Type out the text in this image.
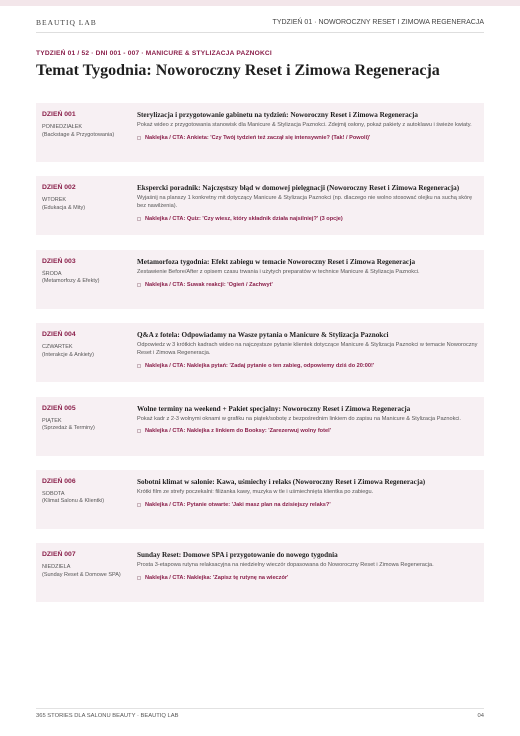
BEAUTIQ LAB	TYDZIEŃ 01 · NOWOROCZNY RESET I ZIMOWA REGENERACJA
TYDZIEŃ 01 / 52 · DNI 001 - 007 · MANICURE & STYLIZACJA PAZNOKCI
Temat Tygodnia: Noworoczny Reset i Zimowa Regeneracja
DZIEŃ 001
PONIEDZIAŁEK
(Backstage & Przygotowania)
Sterylizacja i przygotowanie gabinetu na tydzień: Noworoczny Reset i Zimowa Regeneracja
Pokaż wideo z przygotowania stanowisk dla Manicure & Stylizacja Paznokci. Zdejmij osłony, pokaż pakiety z autoklawu i świeże kwiaty.
Naklejka / CTA: Ankieta: 'Czy Twój tydzień też zaczął się intensywnie? (Tak! / Powoli)'
DZIEŃ 002
WTOREK
(Edukacja & Mity)
Ekspercki poradnik: Najczęstszy błąd w domowej pielęgnacji (Noworoczny Reset i Zimowa Regeneracja)
Wyjaśnij na planszy 1 konkretny mit dotyczący Manicure & Stylizacja Paznokci (np. dlaczego nie wolno stosować olejku na suchą skórę bez nawilżenia).
Naklejka / CTA: Quiz: 'Czy wiesz, który składnik działa najsilniej?' (3 opcje)
DZIEŃ 003
ŚRODA
(Metamorfozy & Efekty)
Metamorfoza tygodnia: Efekt zabiegu w temacie Noworoczny Reset i Zimowa Regeneracja
Zestawienie Before/After z opisem czasu trwania i użytych preparatów w technice Manicure & Stylizacja Paznokci.
Naklejka / CTA: Suwak reakcji: 'Ogień / Zachwyt'
DZIEŃ 004
CZWARTEK
(Interakcje & Ankiety)
Q&A z fotela: Odpowiadamy na Wasze pytania o Manicure & Stylizacja Paznokci
Odpowiedz w 3 krótkich kadrach wideo na najczęstsze pytanie klientek dotyczące Manicure & Stylizacja Paznokci w temacie Noworoczny Reset i Zimowa Regeneracja.
Naklejka / CTA: Naklejka pytań: 'Zadaj pytanie o ten zabieg, odpowiemy dziś do 20:00!'
DZIEŃ 005
PIĄTEK
(Sprzedaż & Terminy)
Wolne terminy na weekend + Pakiet specjalny: Noworoczny Reset i Zimowa Regeneracja
Pokaż kadr z 2-3 wolnymi oknami w grafiku na piątek/sobotę z bezpośrednim linkiem do zapisu na Manicure & Stylizacja Paznokci.
Naklejka / CTA: Naklejka z linkiem do Booksy: 'Zarezerwuj wolny fotel'
DZIEŃ 006
SOBOTA
(Klimat Salonu & Klientki)
Sobotni klimat w salonie: Kawa, uśmiechy i relaks (Noworoczny Reset i Zimowa Regeneracja)
Krótki film ze strefy poczekalni: filiżanka kawy, muzyka w tle i uśmiechnięta klientka po zabiegu.
Naklejka / CTA: Pytanie otwarte: 'Jaki masz plan na dzisiejszy relaks?'
DZIEŃ 007
NIEDZIELA
(Sunday Reset & Domowe SPA)
Sunday Reset: Domowe SPA i przygotowanie do nowego tygodnia
Prosta 3-etapowa rutyna relaksacyjna na niedzielny wieczór dopasowana do Noworoczny Reset i Zimowa Regeneracja.
Naklejka / CTA: Naklejka: 'Zapisz tę rutynę na wieczór'
365 STORIES DLA SALONU BEAUTY · BEAUTIQ LAB	04
